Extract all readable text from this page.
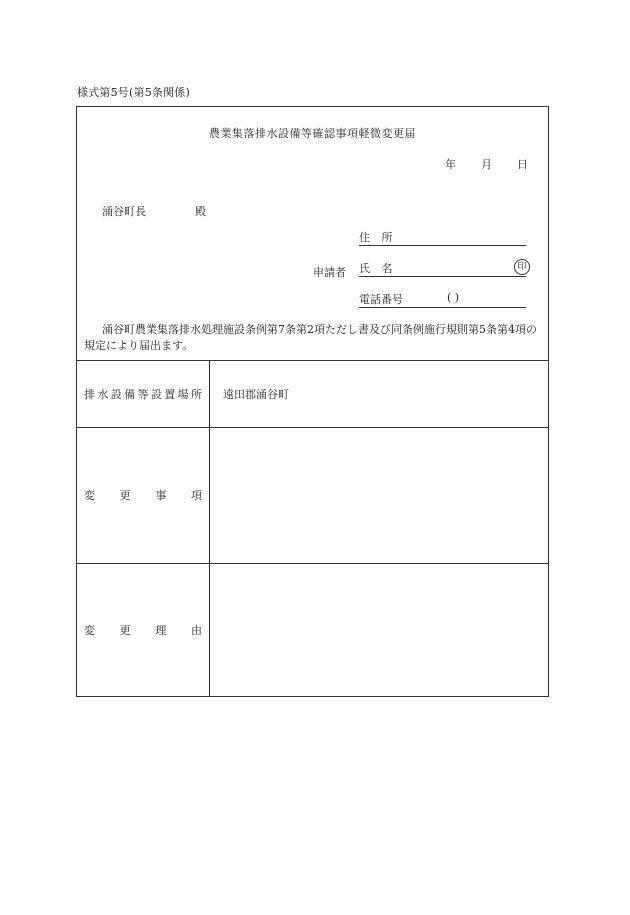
様式第5号(第5条関係)
農業集落排水設備等確認事項軽微変更届
年 月 日
涌谷町長	殿
住 所
申請者 氏 名	印
電話番号	( )
涌谷町農業集落排水処理施設条例第7条第2項ただし書及び同条例施行規則第5条第4項の規定により届出ます。
排 水 設 備 等 設 置 場 所 遠田郡涌谷町
変 更 事 項
変 更 理 由
